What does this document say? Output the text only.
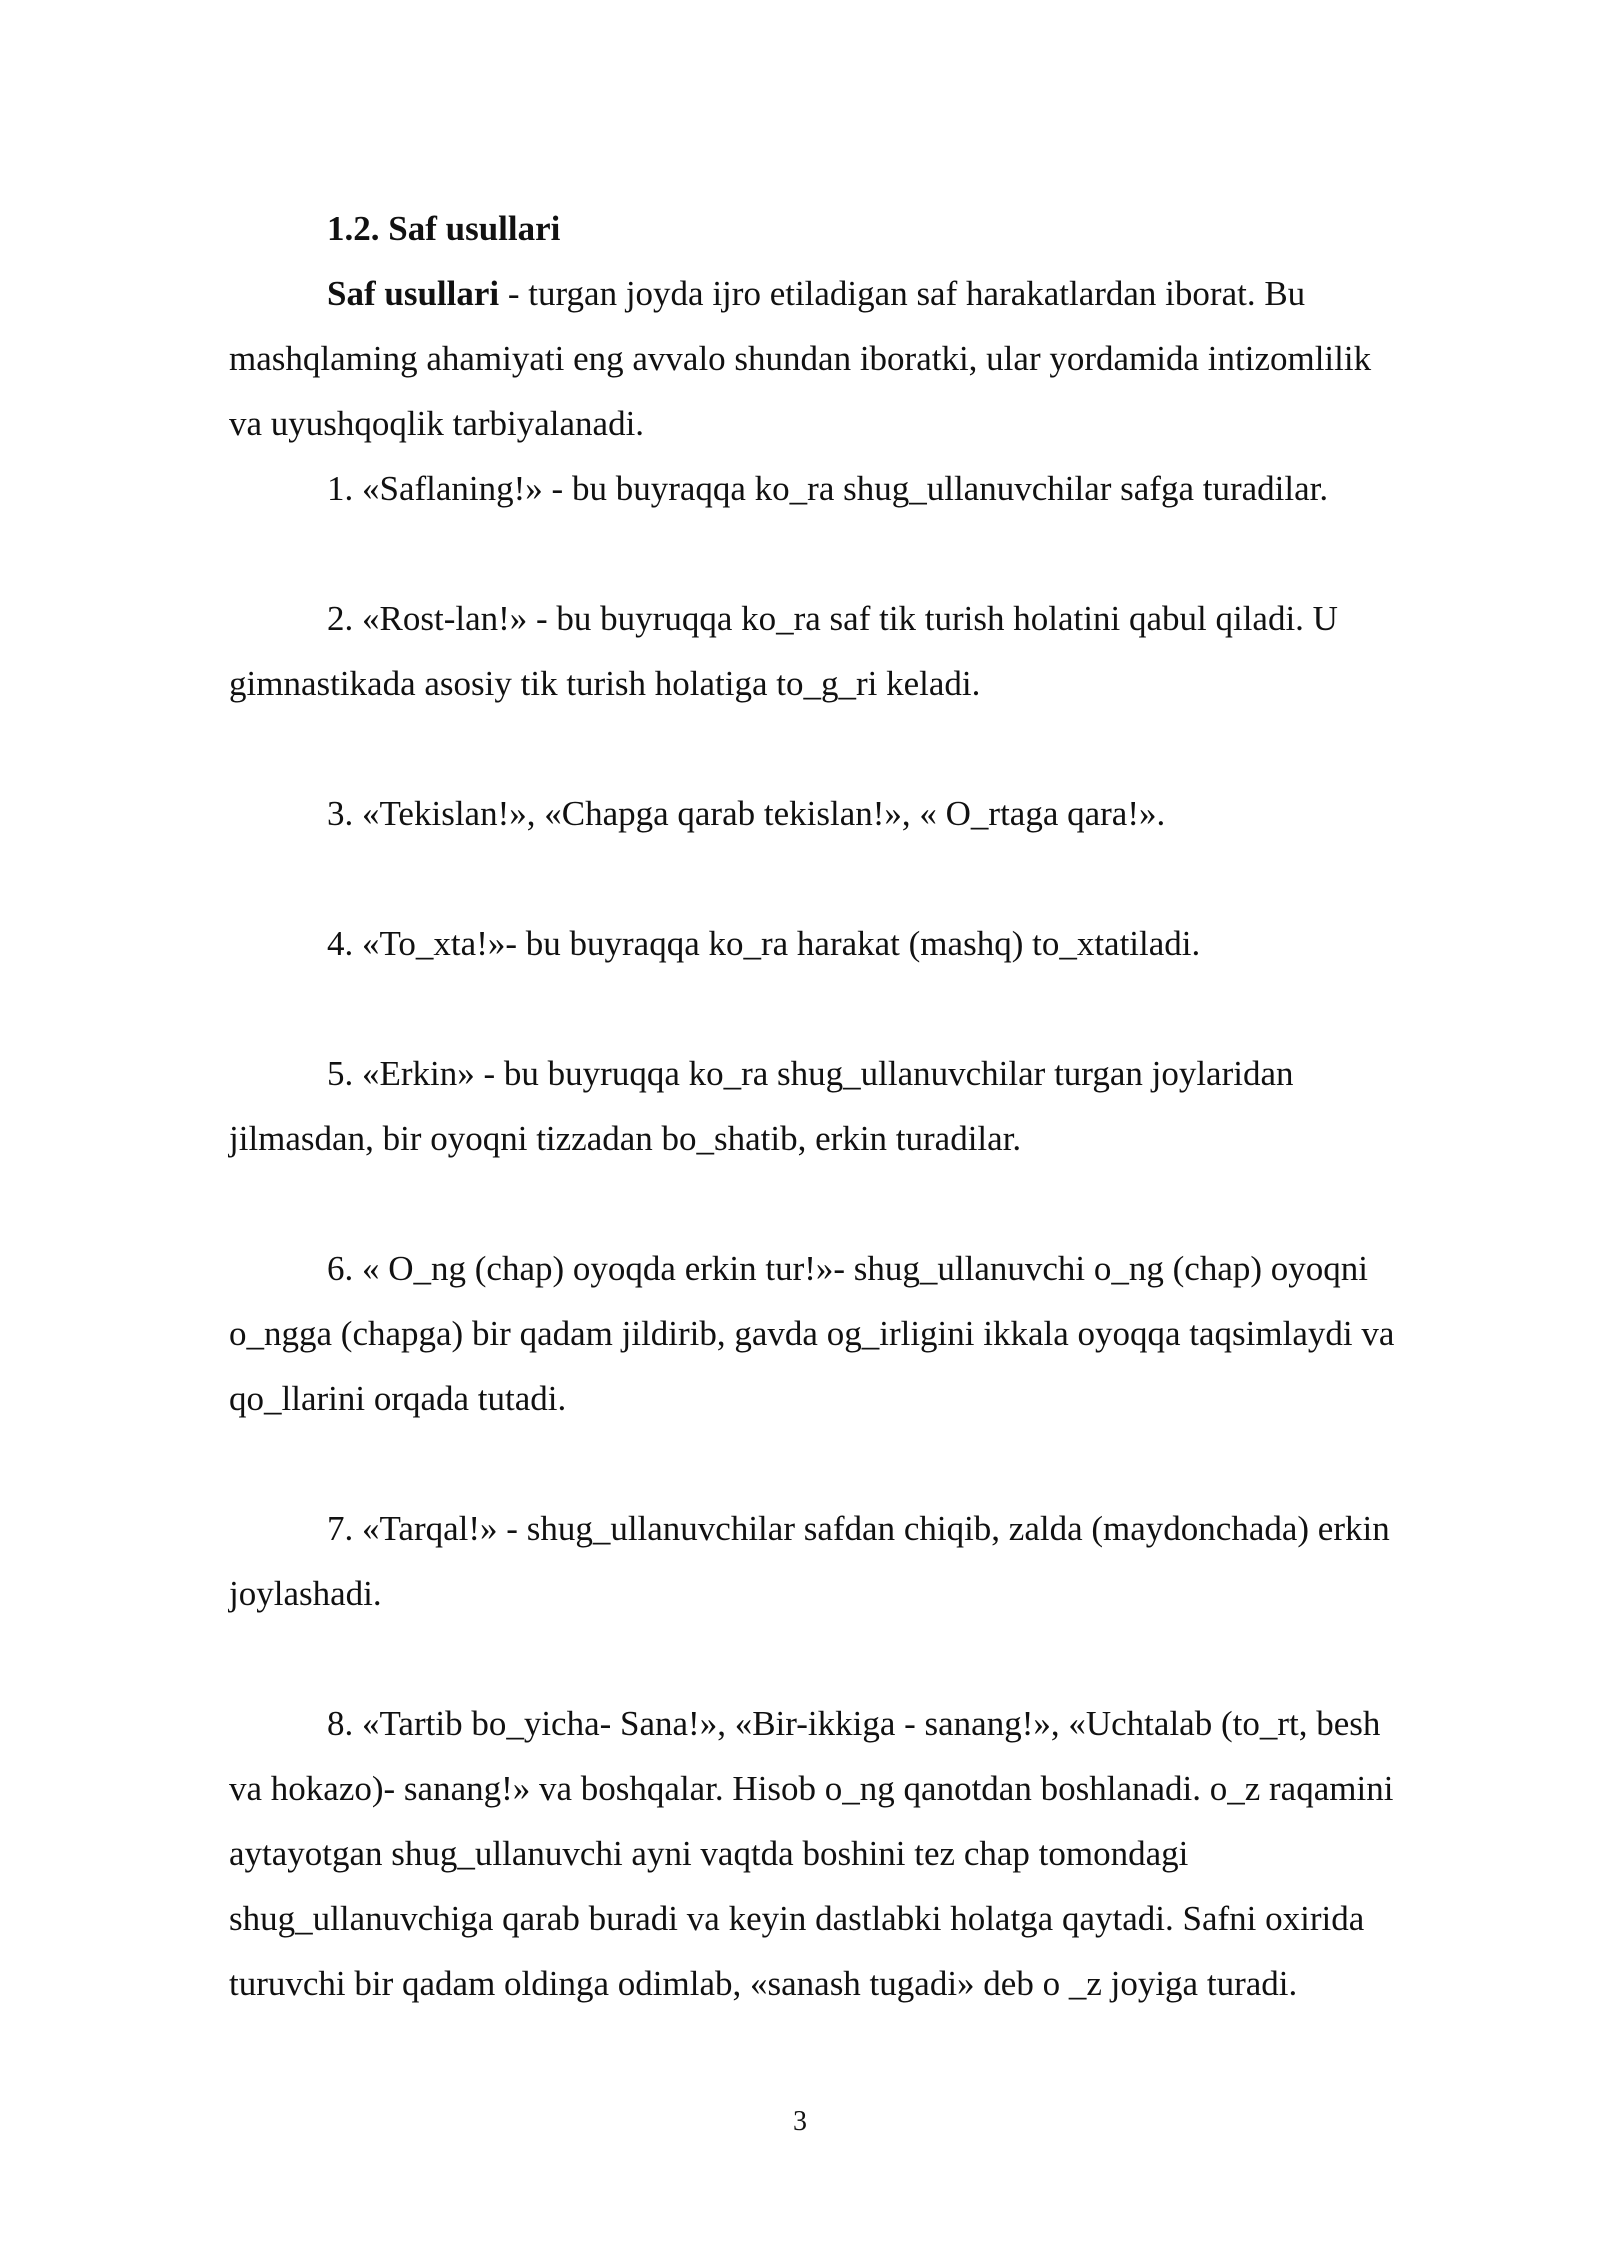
1.2. Saf usullari
Saf usullari - turgan joyda ijro etiladigan saf harakatlardan iborat. Bu
mashqlaming ahamiyati eng avvalo shundan iboratki, ular yordamida intizomlilik
va uyushqoqlik tarbiyalanadi.
1. «Saflaning!» - bu buyraqqa ko_ra shug_ullanuvchilar safga turadilar.
2. «Rost-lan!» - bu buyruqqa ko_ra saf tik turish holatini qabul qiladi. U
gimnastikada asosiy tik turish holatiga to_g_ri keladi.
3. «Tekislan!», «Chapga qarab tekislan!», « O_rtaga qara!».
4. «To_xta!»- bu buyraqqa ko_ra harakat (mashq) to_xtatiladi.
5. «Erkin» - bu buyruqqa ko_ra shug_ullanuvchilar turgan joylaridan
jilmasdan, bir oyoqni tizzadan bo_shatib, erkin turadilar.
6. « O_ng (chap) oyoqda erkin tur!»- shug_ullanuvchi o_ng (chap) oyoqni
o_ngga (chapga) bir qadam jildirib, gavda og_irligini ikkala oyoqqa taqsimlaydi va
qo_llarini orqada tutadi.
7. «Tarqal!» - shug_ullanuvchilar safdan chiqib, zalda (maydonchada) erkin
joylashadi.
8. «Tartib bo_yicha- Sana!», «Bir-ikkiga - sanang!», «Uchtalab (to_rt, besh
va hokazo)- sanang!» va boshqalar. Hisob o_ng qanotdan boshlanadi. o_z raqamini
aytayotgan shug_ullanuvchi ayni vaqtda boshini tez chap tomondagi
shug_ullanuvchiga qarab buradi va keyin dastlabki holatga qaytadi. Safni oxirida
turuvchi bir qadam oldinga odimlab, «sanash tugadi» deb o _z joyiga turadi.
3
